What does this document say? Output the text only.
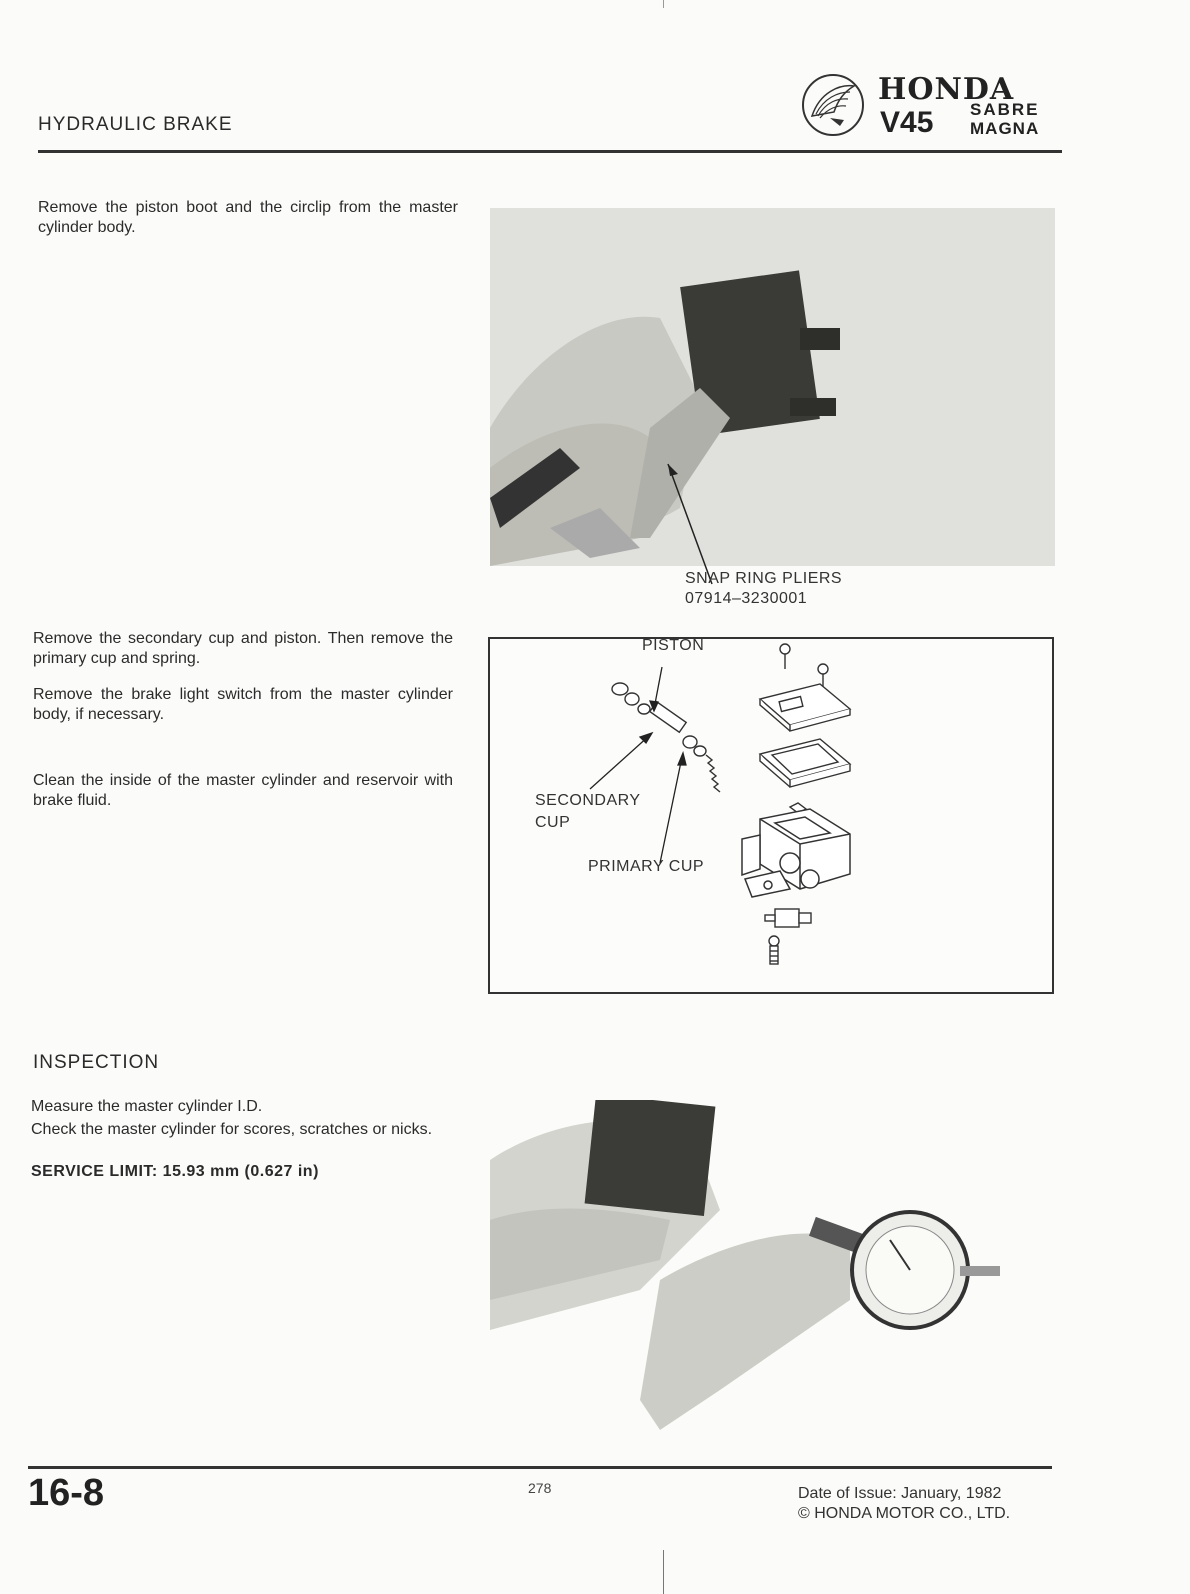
HYDRAULIC BRAKE
HONDA
V45 SABRE
MAGNA
Remove the piston boot and the circlip from the master cylinder body.
SNAP RING PLIERS
07914–3230001
Remove the secondary cup and piston. Then remove the primary cup and spring.
Remove the brake light switch from the master cylinder body, if necessary.
Clean the inside of the master cylinder and reservoir with brake fluid.
PISTON
SECONDARY
CUP
PRIMARY CUP
INSPECTION
Measure the master cylinder I.D.
Check the master cylinder for scores, scratches or nicks.
SERVICE LIMIT: 15.93 mm (0.627 in)
16-8	278	Date of Issue: January, 1982
© HONDA MOTOR CO., LTD.
